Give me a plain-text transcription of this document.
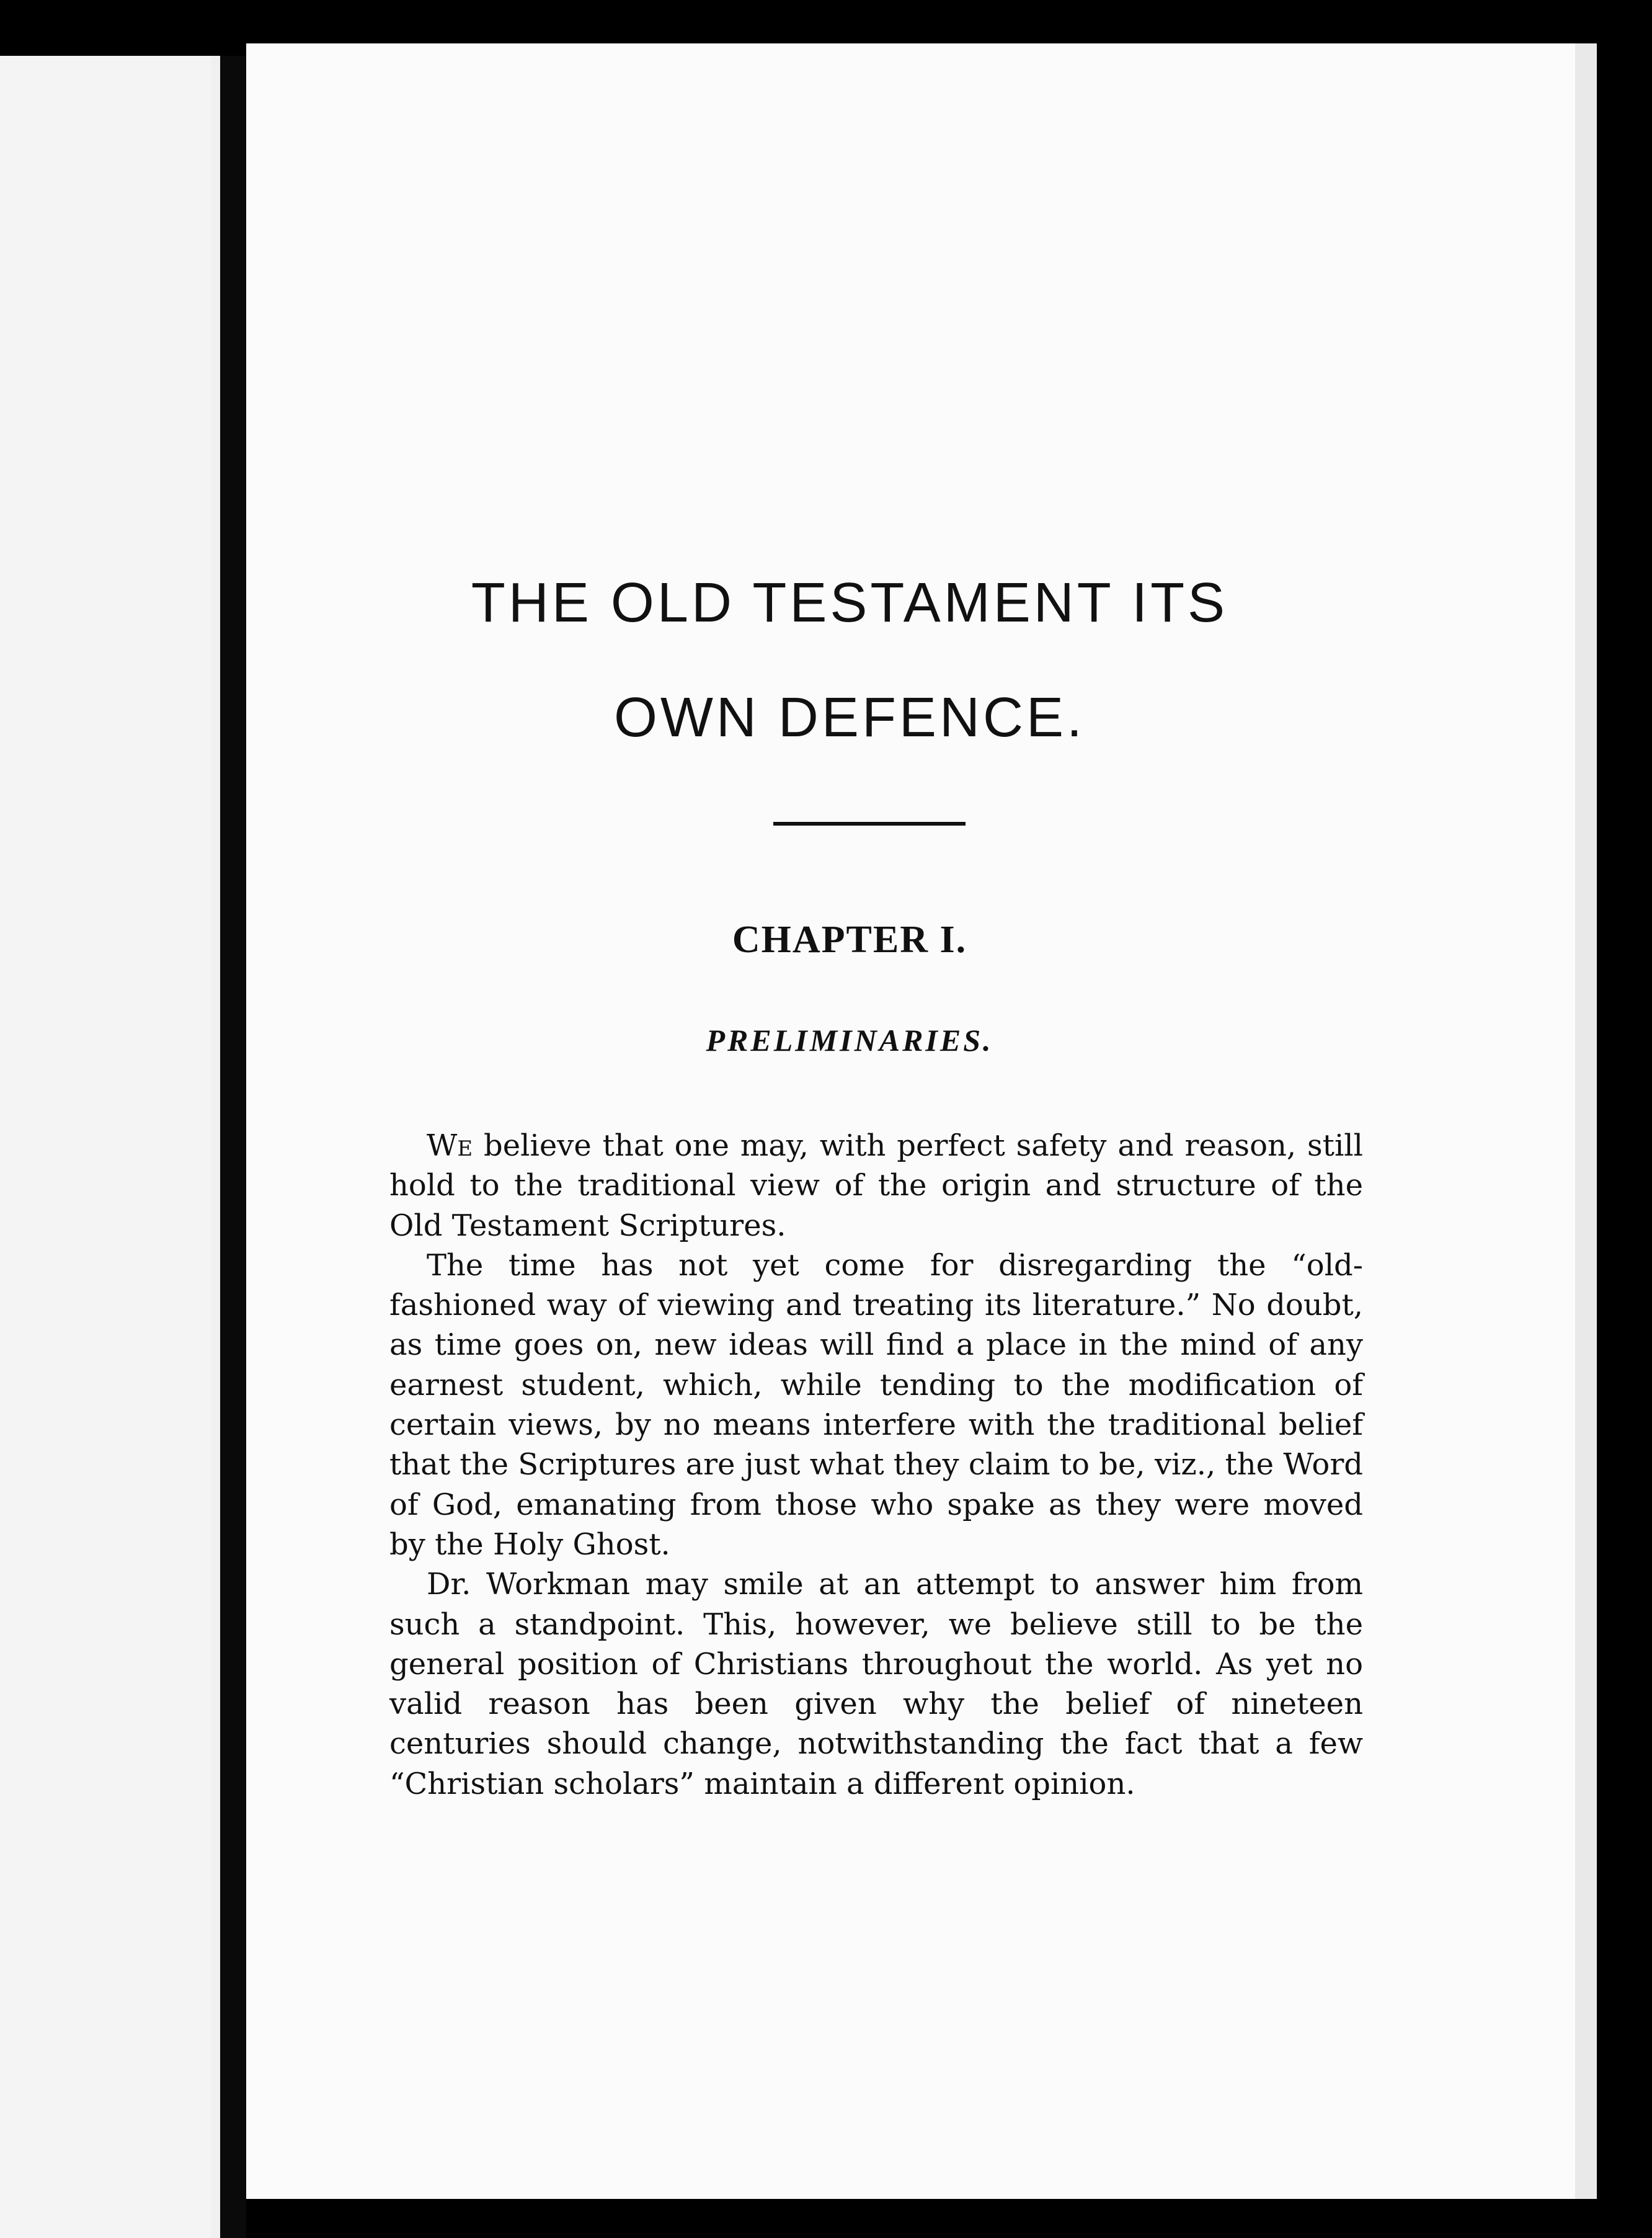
THE OLD TESTAMENT ITS
OWN DEFENCE.
CHAPTER I.
PRELIMINARIES.

We believe that one may, with perfect safety and reason, still hold to the traditional view of the origin and structure of the Old Testament Scriptures.

The time has not yet come for disregarding the “old-fashioned way of viewing and treating its literature.” No doubt, as time goes on, new ideas will find a place in the mind of any earnest student, which, while tending to the modification of certain views, by no means interfere with the traditional belief that the Scriptures are just what they claim to be, viz., the Word of God, emanating from those who spake as they were moved by the Holy Ghost.

Dr. Workman may smile at an attempt to answer him from such a standpoint. This, however, we believe still to be the general position of Christians throughout the world. As yet no valid reason has been given why the belief of nineteen centuries should change, notwithstanding the fact that a few “Christian scholars” maintain a different opinion.
